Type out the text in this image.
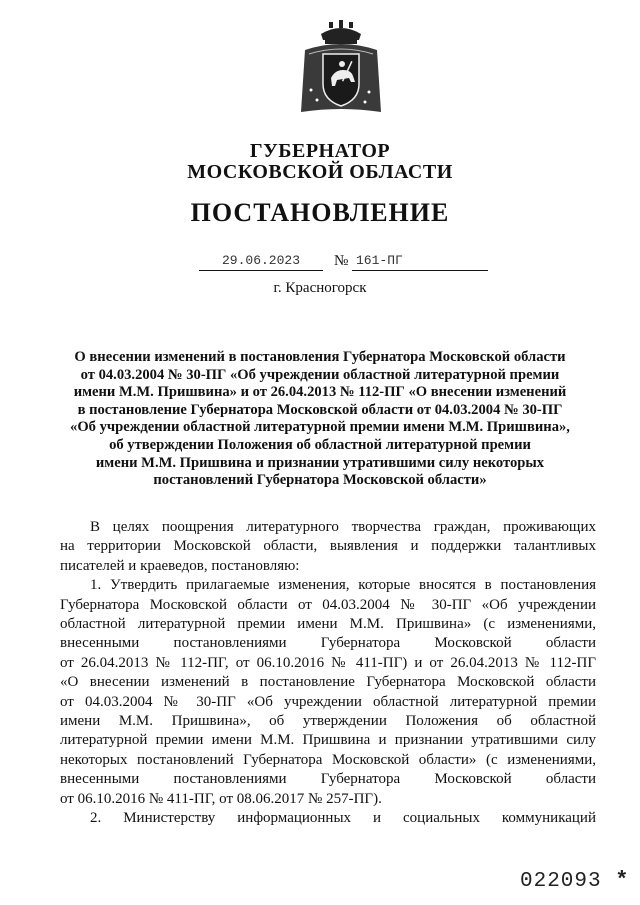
ГУБЕРНАТОР
МОСКОВСКОЙ ОБЛАСТИ
ПОСТАНОВЛЕНИЕ
29.06.2023	№ 161-ПГ
г. Красногорск
О внесении изменений в постановления Губернатора Московской области
от 04.03.2004 № 30-ПГ «Об учреждении областной литературной премии
имени М.М. Пришвина» и от 26.04.2013 № 112-ПГ «О внесении изменений
в постановление Губернатора Московской области от 04.03.2004 № 30-ПГ
«Об учреждении областной литературной премии имени М.М. Пришвина»,
об утверждении Положения об областной литературной премии
имени М.М. Пришвина и признании утратившими силу некоторых
постановлений Губернатора Московской области»
В целях поощрения литературного творчества граждан, проживающих
на территории Московской области, выявления и поддержки талантливых
писателей и краеведов, постановляю:
1. Утвердить прилагаемые изменения, которые вносятся в постановления
Губернатора Московской области от 04.03.2004 № 30-ПГ «Об учреждении
областной литературной премии имени М.М. Пришвина» (с изменениями,
внесенными постановлениями Губернатора Московской области
от 26.04.2013 № 112-ПГ, от 06.10.2016 № 411-ПГ) и от 26.04.2013 № 112-ПГ
«О внесении изменений в постановление Губернатора Московской области
от 04.03.2004 № 30-ПГ «Об учреждении областной литературной премии
имени М.М. Пришвина», об утверждении Положения об областной
литературной премии имени М.М. Пришвина и признании утратившими силу
некоторых постановлений Губернатора Московской области» (с изменениями,
внесенными постановлениями Губернатора Московской области
от 06.10.2016 № 411-ПГ, от 08.06.2017 № 257-ПГ).
2. Министерству информационных и социальных коммуникаций
022093 *
